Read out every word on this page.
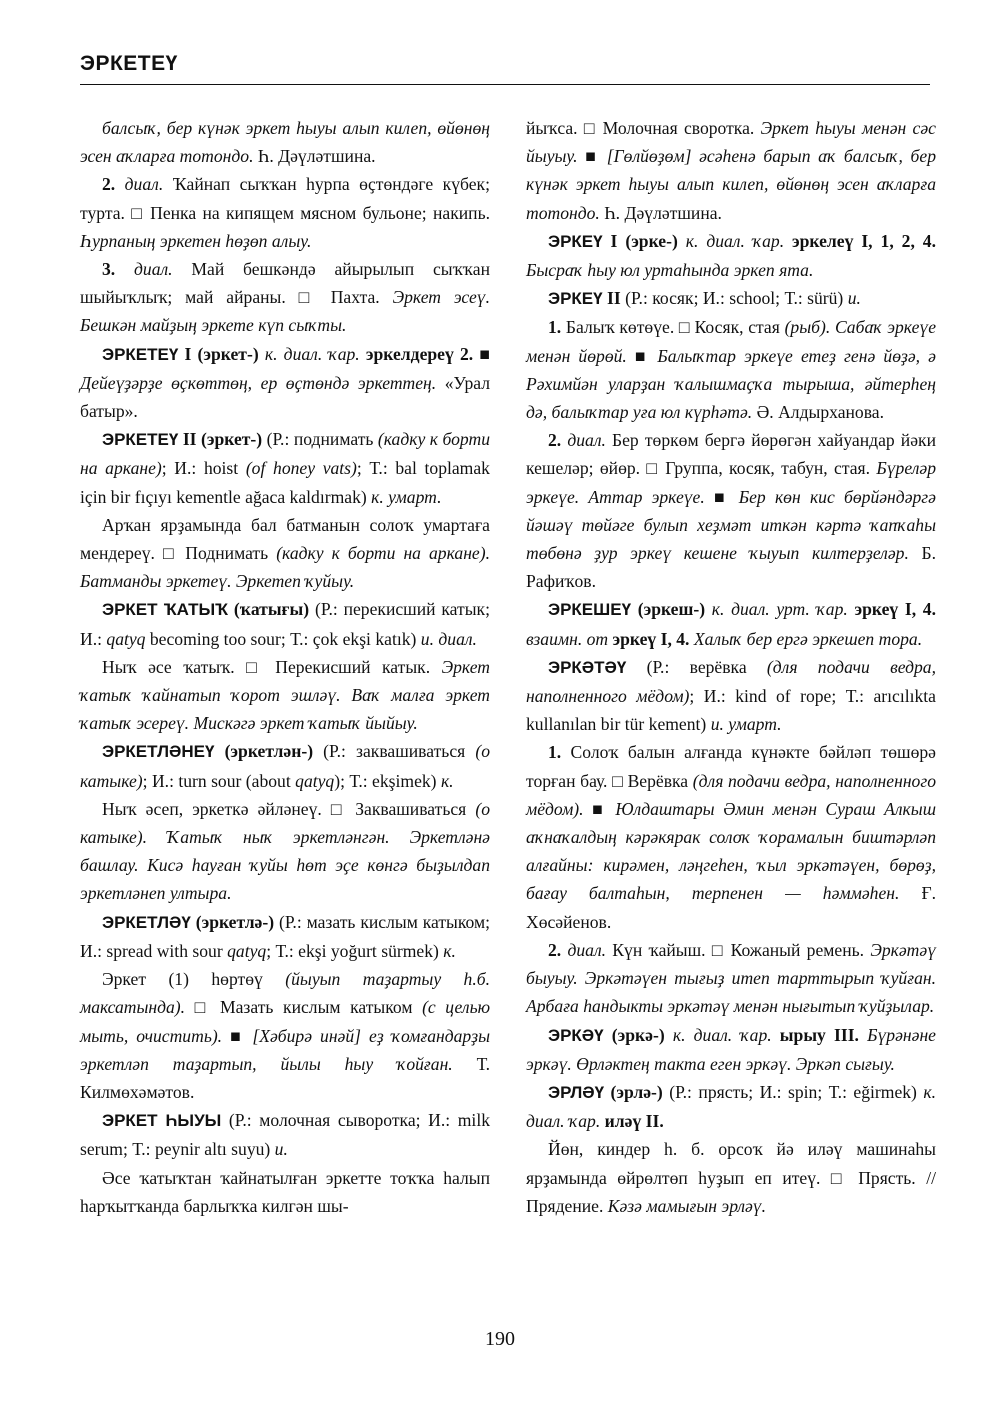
ЭРКЕТЕҮ

балсыҡ, бер күнәк эркет һыуы алып килеп, өйөнөң эсен аҡларға тотондо. Һ. Дәүләтшина.

2. диал. Ҡайнап сыҡҡан һурпа өҫтөндәге күбек; турта. □ Пенка на кипящем мясном бульоне; накипь. Һурпаның эркетен һөҙөп алыу.

3. диал. Май бешкәндә айырылып сыҡҡан шыйыҡлыҡ; май айраны. □ Пахта. Эркет эсеү. Бешкән майҙың эркете күп сыҡты.

ЭРКЕТЕҮ I (эркет-) к. диал. ҡар. эркелдереү 2. ■ Дейеүҙәрҙе өҫкөттөң, ер өҫтөндә эркеттең. «Урал батыр».

ЭРКЕТЕҮ II (эркет-) (Р.: поднимать (кадку к борти на аркане); И.: hoist (of honey vats); Т.: bal toplamak için bir fıçıyı kementle ağaca kaldırmak) к. умарт.

Арҡан ярҙамында бал батманын солоҡ умартаға мендереү. □ Поднимать (кадку к борти на аркане). Батманды эркетеү. Эркетеп ҡуйыу.

ЭРКЕТ ҠАТЫҠ (ҡатығы) (Р.: перекисший катык; И.: qatyq becoming too sour; Т.: çok ekşi katık) и. диал.

Ныҡ әсе ҡатыҡ. □ Перекисший катык. Эркет ҡатыҡ ҡайнатып ҡорот эшләү. Ваҡ малға эркет ҡатыҡ эсереү. Мискәгә эркет ҡатыҡ йыйыу.

ЭРКЕТЛӘНЕҮ (эркетлән-) (Р.: заквашиваться (о катыке); И.: turn sour (about qatyq); Т.: ekşimek) к.

Ныҡ әсеп, эркеткә әйләнеү. □ Заквашиваться (о катыке). Ҡатыҡ ныҡ эркетләнгән. Эркетләнә башлау. Кисә һауған ҡуйы һөт эҫе көнгә быҙылдап эркетләнеп ултыра.

ЭРКЕТЛӘҮ (эркетлә-) (Р.: мазать кислым катыком; И.: spread with sour qatyq; Т.: ekşi yoğurt sürmek) к.

Эркет (1) һөртөү (йыуып таҙартыу һ.б. максатында). □ Мазать кислым катыком (с целью мыть, очистить). ■ [Хәбирә инәй] еҙ ҡомғандарҙы эркетләп таҙартып, йылы һыу ҡойған. Т. Килмөхәмәтов.

ЭРКЕТ ҺЫУЫ (Р.: молочная сыворотка; И.: milk serum; Т.: peynir altı suyu) и.

Әсе ҡатыҡтан ҡайнатылған эркетте тоҡҡа һалып һарҡытҡанда барлыҡҡа килгән шы-

йыҡса. □ Молочная своротка. Эркет һыуы менән сәс йыуыу. ■ [Гөлйөҙөм] әсәһенә барып аҡ балсыҡ, бер күнәк эркет һыуы алып килеп, өйөнөң эсен аҡларға тотондо. Һ. Дәүләтшина.

ЭРКЕҮ I (эрке-) к. диал. ҡар. эркелеү I, 1, 2, 4. Бысраҡ һыу юл уртаһында эркеп ята.

ЭРКЕҮ II (Р.: косяк; И.: school; Т.: sürü) и.

1. Балыҡ көтөүе. □ Косяк, стая (рыб). Сабаҡ эркеүе менән йөрөй. ■ Балыҡтар эркеүе етеҙ генә йөҙә, ә Рәхимйән уларҙан ҡалышмаҫҡа тырыша, әйтерһең дә, балыҡтар уға юл күрһәтә. Ә. Алдырханова.

2. диал. Бер төркөм бергә йөрөгән хайуандар йәки кешеләр; өйөр. □ Группа, косяк, табун, стая. Бүреләр эркеүе. Аттар эркеүе. ■ Бер көн кис бөрйәндәргә йәшәү төйәге булып хеҙмәт иткән кәртә ҡапҡаһы төбөнә ҙур эркеү кешене ҡыуып килтерҙеләр. Б. Рафиҡов.

ЭРКЕШЕҮ (эркеш-) к. диал. урт. ҡар. эркеү I, 4. взаимн. от эркеү I, 4. Халыҡ бер ергә эркешеп тора.

ЭРКӘТӘҮ (Р.: верёвка (для подачи ведра, наполненного мёдом); И.: kind of rope; Т.: arıcılıkta kullanılan bir tür kement) и. умарт.

1. Солоҡ балын алғанда күнәкте бәйләп төшөрә торған бау. □ Верёвка (для подачи ведра, наполненного мёдом). ■ Юлдаштары Әмин менән Сураш Алкыш аҡнаҡалдың кәрәкярак солоҡ ҡорамалын биштәрләп алғайны: кирәмен, ләңгеһен, ҡыл эркәтәүен, бөрөҙ, бағау балтаһын, терпенен — һәммәһен. Ғ. Хөсәйенов.

2. диал. Күн ҡайыш. □ Кожаный ремень. Эркәтәү быуыу. Эркәтәүен тығыҙ итеп тарттырып ҡуйған. Арбаға һандыкты эркәтәү менән нығытып ҡуйҙылар.

ЭРКӘҮ (эркә-) к. диал. ҡар. ырыу III. Бүрәнәне эркәү. Өрләктең такта еген эркәү. Эркәп сығыу.

ЭРЛӘҮ (эрлә-) (Р.: прясть; И.: spin; Т.: eğirmek) к. диал. ҡар. иләү II.

Йөн, киндер һ. б. орсоҡ йә иләү машинаһы ярҙамында өйрөлтөп һуҙып еп итеү. □ Прясть. // Прядение. Кәзә мамығын эрләү.

190
